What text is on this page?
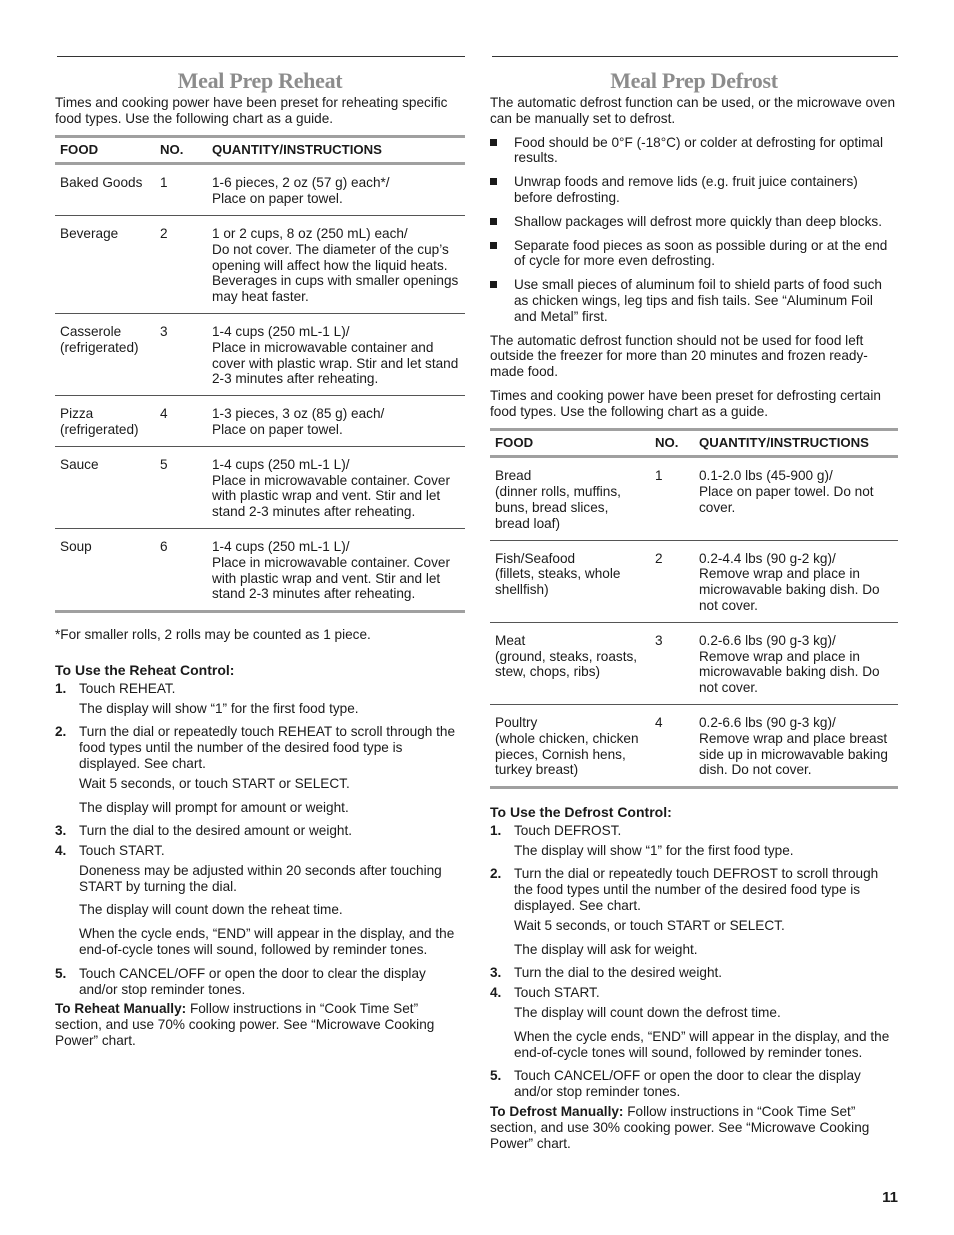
Meal Prep Reheat

Times and cooking power have been preset for reheating specific food types. Use the following chart as a guide.

FOOD	NO.	QUANTITY/INSTRUCTIONS

Baked Goods	1	1-6 pieces, 2 oz (57 g) each*/
Place on paper towel.

Beverage	2	1 or 2 cups, 8 oz (250 mL) each/
Do not cover. The diameter of the cup’s opening will affect how the liquid heats. Beverages in cups with smaller openings may heat faster.

Casserole
(refrigerated)	3	1-4 cups (250 mL-1 L)/
Place in microwavable container and cover with plastic wrap. Stir and let stand 2-3 minutes after reheating.

Pizza
(refrigerated)	4	1-3 pieces, 3 oz (85 g) each/
Place on paper towel.

Sauce	5	1-4 cups (250 mL-1 L)/
Place in microwavable container. Cover with plastic wrap and vent. Stir and let stand 2-3 minutes after reheating.

Soup	6	1-4 cups (250 mL-1 L)/
Place in microwavable container. Cover with plastic wrap and vent. Stir and let stand 2-3 minutes after reheating.

*For smaller rolls, 2 rolls may be counted as 1 piece.

To Use the Reheat Control:
1. Touch REHEAT.

The display will show “1” for the first food type.

2. Turn the dial or repeatedly touch REHEAT to scroll through the food types until the number of the desired food type is displayed. See chart.

Wait 5 seconds, or touch START or SELECT.

The display will prompt for amount or weight.

3. Turn the dial to the desired amount or weight.
4. Touch START.

Doneness may be adjusted within 20 seconds after touching START by turning the dial.

The display will count down the reheat time.

When the cycle ends, “END” will appear in the display, and the end-of-cycle tones will sound, followed by reminder tones.

5. Touch CANCEL/OFF or open the door to clear the display and/or stop reminder tones.

To Reheat Manually: Follow instructions in “Cook Time Set” section, and use 70% cooking power. See “Microwave Cooking Power” chart.

Meal Prep Defrost

The automatic defrost function can be used, or the microwave oven can be manually set to defrost.

Food should be 0°F (-18°C) or colder at defrosting for optimal results.
Unwrap foods and remove lids (e.g. fruit juice containers) before defrosting.
Shallow packages will defrost more quickly than deep blocks.
Separate food pieces as soon as possible during or at the end of cycle for more even defrosting.
Use small pieces of aluminum foil to shield parts of food such as chicken wings, leg tips and fish tails. See “Aluminum Foil and Metal” first.

The automatic defrost function should not be used for food left outside the freezer for more than 20 minutes and frozen ready-made food.

Times and cooking power have been preset for defrosting certain food types. Use the following chart as a guide.

FOOD	NO.	QUANTITY/INSTRUCTIONS

Bread
(dinner rolls, muffins, buns, bread slices, bread loaf)	1	0.1-2.0 lbs (45-900 g)/
Place on paper towel. Do not cover.

Fish/Seafood
(fillets, steaks, whole shellfish)	2	0.2-4.4 lbs (90 g-2 kg)/
Remove wrap and place in microwavable baking dish. Do not cover.

Meat
(ground, steaks, roasts, stew, chops, ribs)	3	0.2-6.6 lbs (90 g-3 kg)/
Remove wrap and place in microwavable baking dish. Do not cover.

Poultry
(whole chicken, chicken pieces, Cornish hens, turkey breast)	4	0.2-6.6 lbs (90 g-3 kg)/
Remove wrap and place breast side up in microwavable baking dish. Do not cover.
To Use the Defrost Control:
1. Touch DEFROST.

The display will show “1” for the first food type.

2. Turn the dial or repeatedly touch DEFROST to scroll through the food types until the number of the desired food type is displayed. See chart.

Wait 5 seconds, or touch START or SELECT.

The display will ask for weight.

3. Turn the dial to the desired weight.
4. Touch START.

The display will count down the defrost time.

When the cycle ends, “END” will appear in the display, and the end-of-cycle tones will sound, followed by reminder tones.

5. Touch CANCEL/OFF or open the door to clear the display and/or stop reminder tones.

To Defrost Manually: Follow instructions in “Cook Time Set” section, and use 30% cooking power. See “Microwave Cooking Power” chart.

11
